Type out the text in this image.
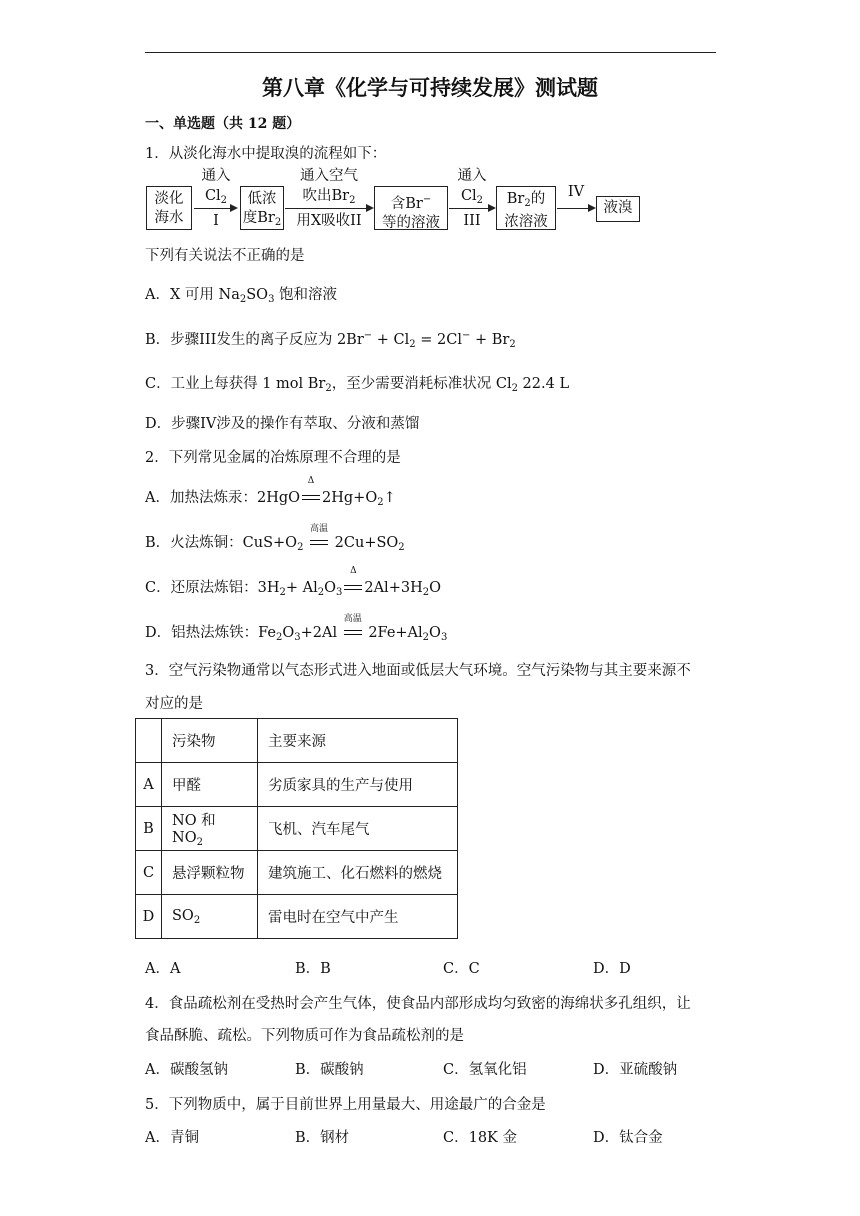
第八章《化学与可持续发展》测试题
一、单选题（共 12 题）
1．从淡化海水中提取溴的流程如下：
淡化
海水
通入
$Cl_2$
I
低浓
度$Br_2$
通入空气
吹出$Br_2$
用X吸收II
含Br−
等的溶液
通入
$Cl_2$
III
$Br_2$的
浓溶液
IV
液溴
下列有关说法不正确的是
A．X 可用 $Na_2SO_3$ 饱和溶液
B．步骤III发生的离子反应为 $2Br^- + Cl_2 = 2Cl^- + Br_2$
C．工业上每获得 1 mol $Br_2$，至少需要消耗标准状况 $Cl_2$ 22.4 L
D．步骤IV涉及的操作有萃取、分液和蒸馏
2．下列常见金属的冶炼原理不合理的是
A．加热法炼汞：2HgO
Δ
$2Hg+O_2↑$
B．火法炼铜：$CuS+O_2$
高温
$2Cu+SO_2$
C．还原法炼铝：$3H_2+ Al_2O_3$
Δ
$2Al+3H_2O$
D．铝热法炼铁：$Fe_2O_3+2Al$
高温
$2Fe+Al_2O_3$
3．空气污染物通常以气态形式进入地面或低层大气环境。空气污染物与其主要来源不
对应的是
	污染物	主要来源
A	甲醛	劣质家具的生产与使用
B	NO 和 $NO_2$	飞机、汽车尾气
C	悬浮颗粒物	建筑施工、化石燃料的燃烧
D	$SO_2$	雷电时在空气中产生
A．A	B．B	C．C	D．D
4．食品疏松剂在受热时会产生气体，使食品内部形成均匀致密的海绵状多孔组织，让
食品酥脆、疏松。下列物质可作为食品疏松剂的是
A．碳酸氢钠	B．碳酸钠	C．氢氧化铝	D．亚硫酸钠
5．下列物质中，属于目前世界上用量最大、用途最广的合金是
A．青铜	B．钢材	C．18K 金	D．钛合金
